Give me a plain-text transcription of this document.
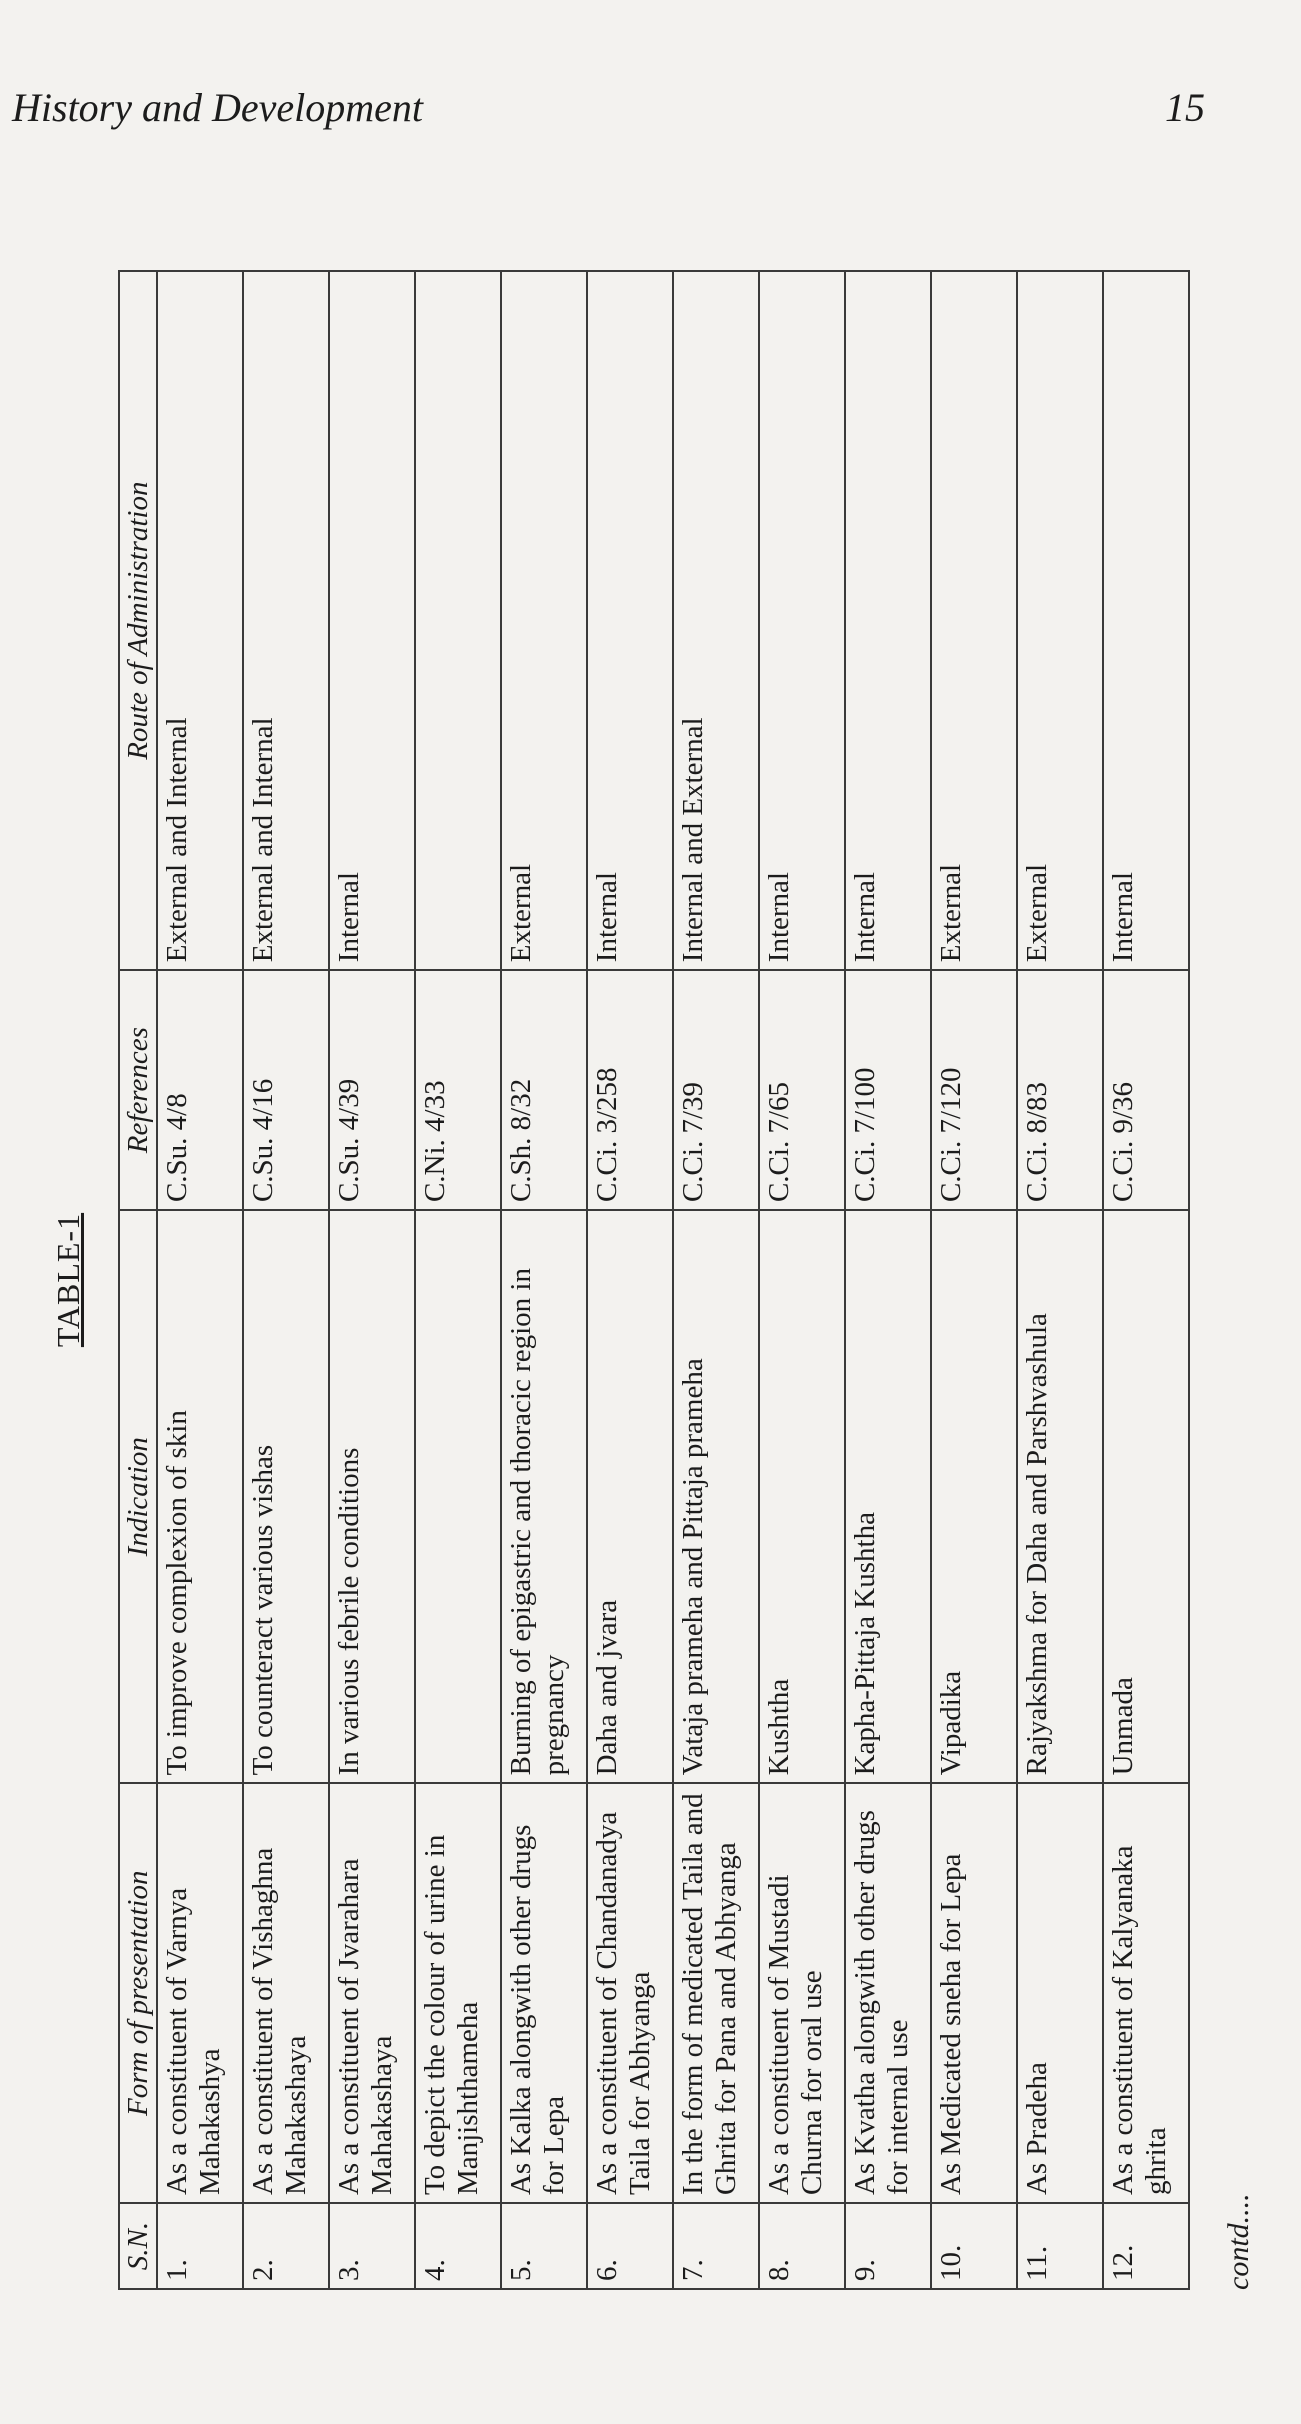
History and Development	15
TABLE-1
S.N.	Form of presentation	Indication	References	Route of Administration
1.	As a constituent of Varnya Mahakashya	To improve complexion of skin	C.Su. 4/8	External and Internal
2.	As a constituent of Vishaghna Mahakashaya	To counteract various vishas	C.Su. 4/16	External and Internal
3.	As a constituent of Jvarahara Mahakashaya	In various febrile conditions	C.Su. 4/39	Internal
4.	To depict the colour of urine in Manjishthameha		C.Ni. 4/33	
5.	As Kalka alongwith other drugs for Lepa	Burning of epigastric and thoracic region in pregnancy	C.Sh. 8/32	External
6.	As a constituent of Chandanadya Taila for Abhyanga	Daha and jvara	C.Ci. 3/258	Internal
7.	In the form of medicated Taila and Ghrita for Pana and Abhyanga	Vataja prameha and Pittaja prameha	C.Ci. 7/39	Internal and External
8.	As a constituent of Mustadi Churna for oral use	Kushtha	C.Ci. 7/65	Internal
9.	As Kvatha alongwith other drugs for internal use	Kapha-Pittaja Kushtha	C.Ci. 7/100	Internal
10.	As Medicated sneha for Lepa	Vipadika	C.Ci. 7/120	External
11.	As Pradeha	Rajyakshma for Daha and Parshvashula	C.Ci. 8/83	External
12.	As a constituent of Kalyanaka ghrita	Unmada	C.Ci. 9/36	Internal
contd....
